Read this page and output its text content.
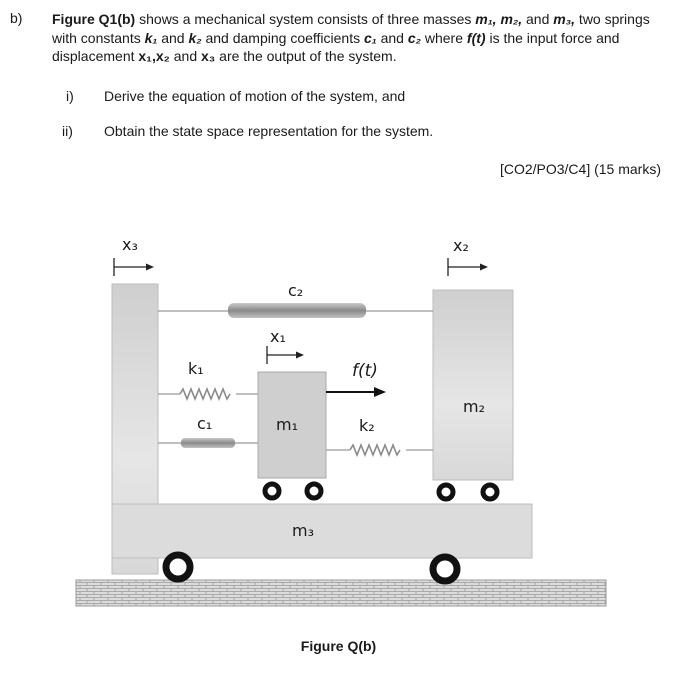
b) Figure Q1(b) shows a mechanical system consists of three masses m₁, m₂, and m₃, two springs with constants k₁ and k₂ and damping coefficients c₁ and c₂ where f(t) is the input force and displacement x₁,x₂ and x₃ are the output of the system.
i) Derive the equation of motion of the system, and
ii) Obtain the state space representation for the system.
[CO2/PO3/C4] (15 marks)
x₃	x₂
x₁
c₂
k₁
c₁	m₁
f(t)
k₂
m₂
m₃
Figure Q(b)
